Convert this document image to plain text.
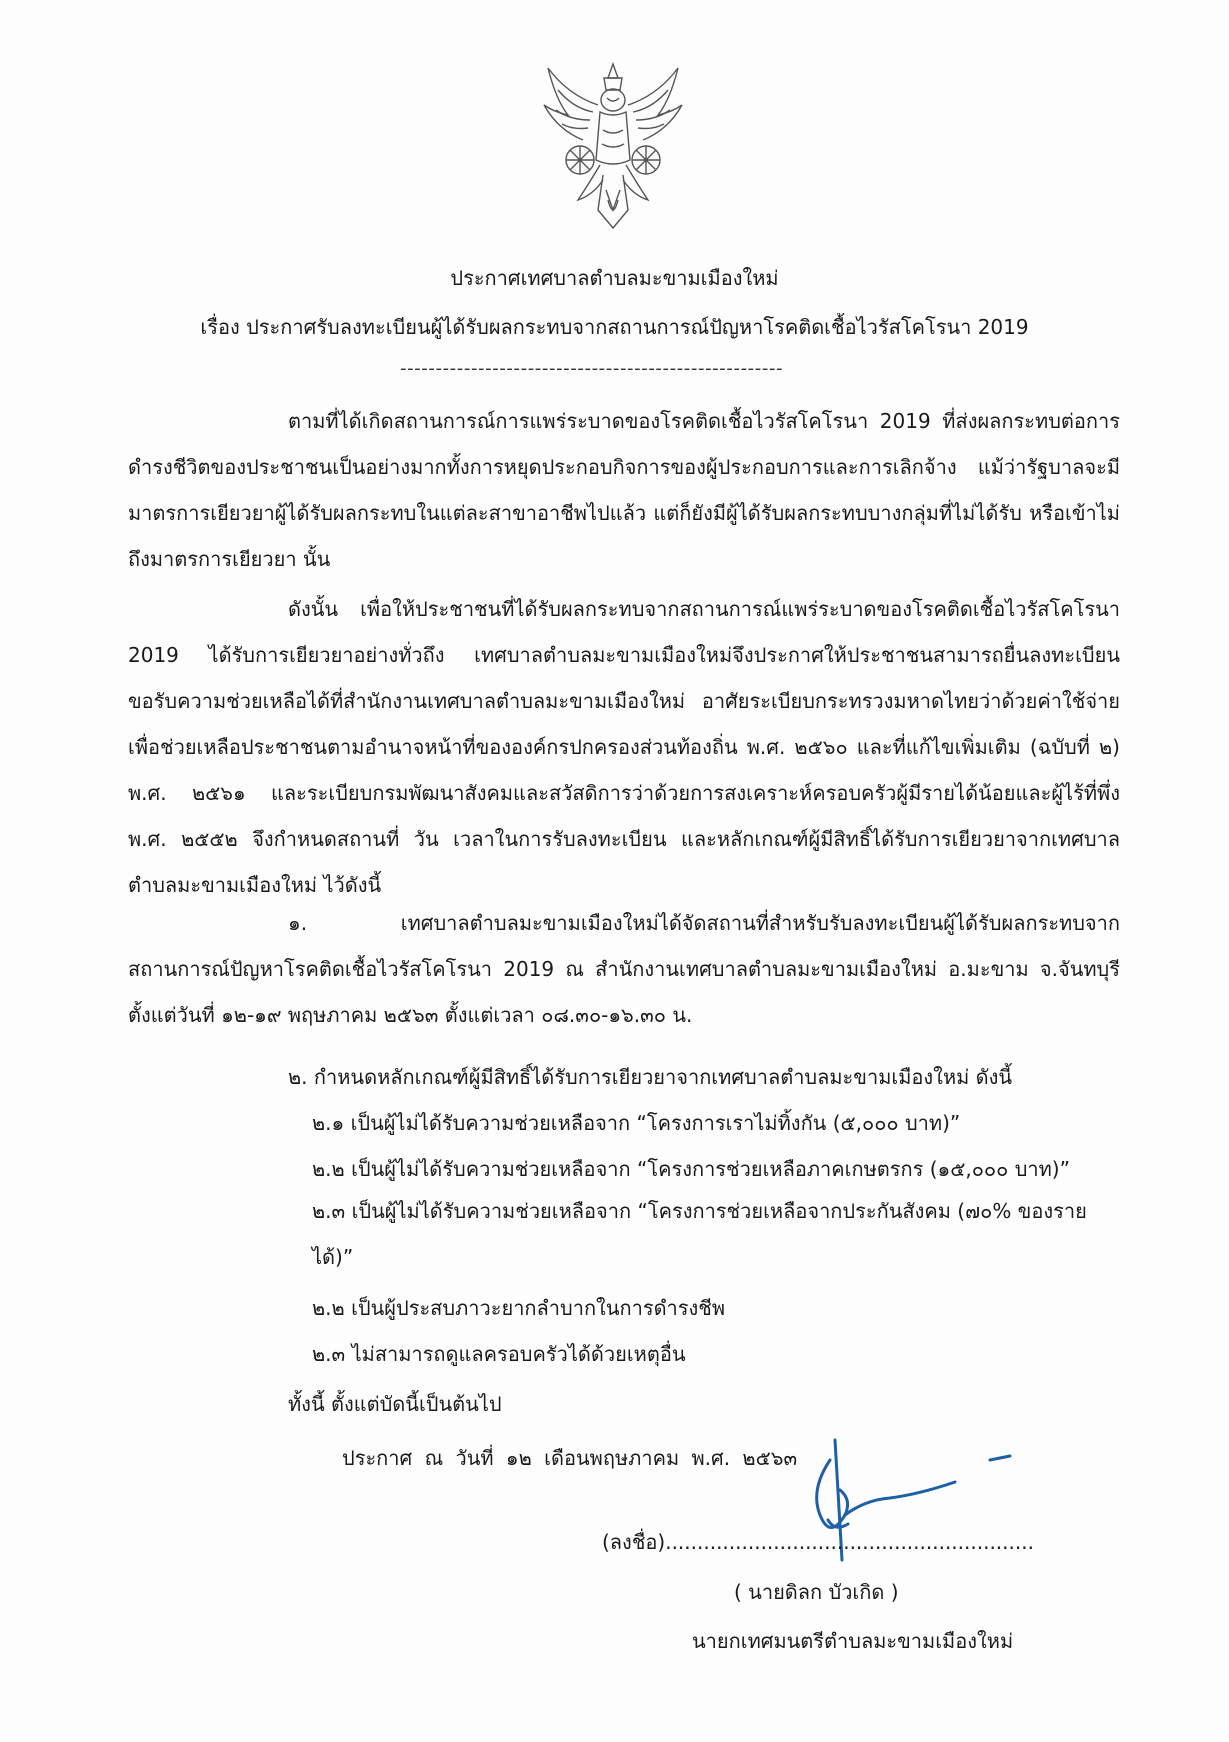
ประกาศเทศบาลตำบลมะขามเมืองใหม่
เรื่อง ประกาศรับลงทะเบียนผู้ได้รับผลกระทบจากสถานการณ์ปัญหาโรคติดเชื้อไวรัสโคโรนา 2019
------------------------------------------------------

ตามที่ได้เกิดสถานการณ์การแพร่ระบาดของโรคติดเชื้อไวรัสโคโรนา 2019 ที่ส่งผลกระทบต่อการดำรงชีวิตของประชาชนเป็นอย่างมากทั้งการหยุดประกอบกิจการของผู้ประกอบการและการเลิกจ้าง แม้ว่ารัฐบาลจะมีมาตรการเยียวยาผู้ได้รับผลกระทบในแต่ละสาขาอาชีพไปแล้ว แต่ก็ยังมีผู้ได้รับผลกระทบบางกลุ่มที่ไม่ได้รับ หรือเข้าไม่ถึงมาตรการเยียวยา นั้น

ดังนั้น เพื่อให้ประชาชนที่ได้รับผลกระทบจากสถานการณ์แพร่ระบาดของโรคติดเชื้อไวรัสโคโรนา 2019 ได้รับการเยียวยาอย่างทั่วถึง เทศบาลตำบลมะขามเมืองใหม่จึงประกาศให้ประชาชนสามารถยื่นลงทะเบียนขอรับความช่วยเหลือได้ที่สำนักงานเทศบาลตำบลมะขามเมืองใหม่ อาศัยระเบียบกระทรวงมหาดไทยว่าด้วยค่าใช้จ่ายเพื่อช่วยเหลือประชาชนตามอำนาจหน้าที่ขององค์กรปกครองส่วนท้องถิ่น พ.ศ. ๒๕๖๐ และที่แก้ไขเพิ่มเติม (ฉบับที่ ๒) พ.ศ. ๒๕๖๑ และระเบียบกรมพัฒนาสังคมและสวัสดิการว่าด้วยการสงเคราะห์ครอบครัวผู้มีรายได้น้อยและผู้ไร้ที่พึ่ง พ.ศ. ๒๕๕๒ จึงกำหนดสถานที่ วัน เวลาในการรับลงทะเบียน และหลักเกณฑ์ผู้มีสิทธิ์ได้รับการเยียวยาจากเทศบาลตำบลมะขามเมืองใหม่ ไว้ดังนี้

๑. เทศบาลตำบลมะขามเมืองใหม่ได้จัดสถานที่สำหรับรับลงทะเบียนผู้ได้รับผลกระทบจากสถานการณ์ปัญหาโรคติดเชื้อไวรัสโคโรนา 2019 ณ สำนักงานเทศบาลตำบลมะขามเมืองใหม่ อ.มะขาม จ.จันทบุรี ตั้งแต่วันที่ ๑๒-๑๙ พฤษภาคม ๒๕๖๓ ตั้งแต่เวลา ๐๘.๓๐-๑๖.๓๐ น.

๒. กำหนดหลักเกณฑ์ผู้มีสิทธิ์ได้รับการเยียวยาจากเทศบาลตำบลมะขามเมืองใหม่ ดังนี้
๒.๑ เป็นผู้ไม่ได้รับความช่วยเหลือจาก “โครงการเราไม่ทิ้งกัน (๕,๐๐๐ บาท)”
๒.๒ เป็นผู้ไม่ได้รับความช่วยเหลือจาก “โครงการช่วยเหลือภาคเกษตรกร (๑๕,๐๐๐ บาท)”

๒.๓ เป็นผู้ไม่ได้รับความช่วยเหลือจาก “โครงการช่วยเหลือจากประกันสังคม (๗๐% ของรายได้)”

๒.๒ เป็นผู้ประสบภาวะยากลำบากในการดำรงชีพ
๒.๓ ไม่สามารถดูแลครอบครัวได้ด้วยเหตุอื่น
ทั้งนี้ ตั้งแต่บัดนี้เป็นต้นไป
ประกาศ ณ วันที่ ๑๒ เดือนพฤษภาคม พ.ศ. ๒๕๖๓
(ลงชื่อ)..........................................................
( นายดิลก บัวเกิด )
นายกเทศมนตรีตำบลมะขามเมืองใหม่
